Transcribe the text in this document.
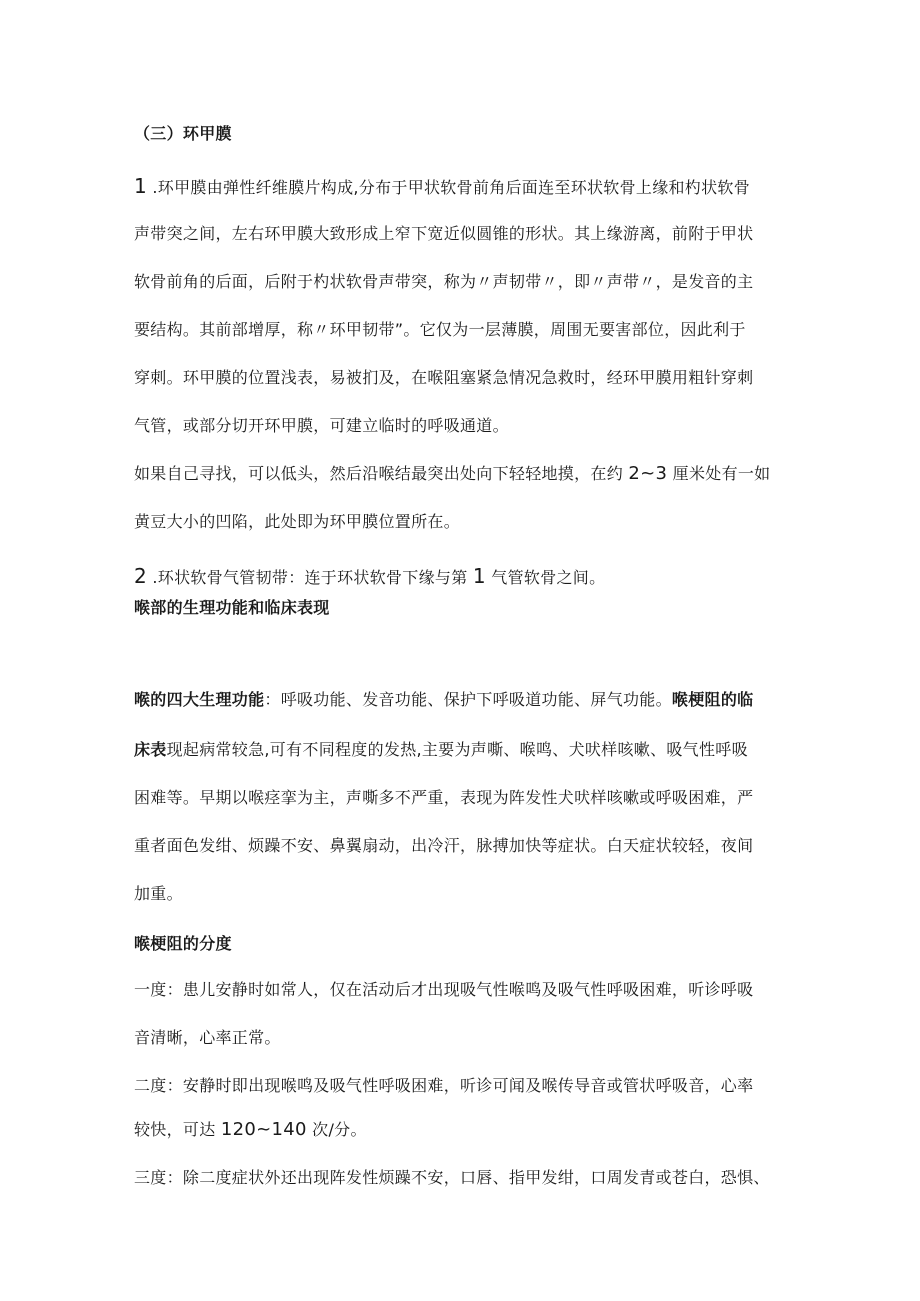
（三）环甲膜
1 .环甲膜由弹性纤维膜片构成,分布于甲状软骨前角后面连至环状软骨上缘和杓状软骨
声带突之间，左右环甲膜大致形成上窄下宽近似圆锥的形状。其上缘游离，前附于甲状
软骨前角的后面，后附于杓状软骨声带突，称为〃声韧带〃，即〃声带〃，是发音的主
要结构。其前部增厚，称〃环甲韧带”。它仅为一层薄膜，周围无要害部位，因此利于
穿刺。环甲膜的位置浅表，易被扪及，在喉阻塞紧急情况急救时，经环甲膜用粗针穿刺
气管，或部分切开环甲膜，可建立临时的呼吸通道。
如果自己寻找，可以低头，然后沿喉结最突出处向下轻轻地摸，在约 2~3 厘米处有一如
黄豆大小的凹陷，此处即为环甲膜位置所在。
2 .环状软骨气管韧带：连于环状软骨下缘与第 1 气管软骨之间。
喉部的生理功能和临床表现
喉的四大生理功能：呼吸功能、发音功能、保护下呼吸道功能、屏气功能。喉梗阻的临
床表现起病常较急,可有不同程度的发热,主要为声嘶、喉鸣、犬吠样咳嗽、吸气性呼吸
困难等。早期以喉痉挛为主，声嘶多不严重，表现为阵发性犬吠样咳嗽或呼吸困难，严
重者面色发绀、烦躁不安、鼻翼扇动，出冷汗，脉搏加快等症状。白天症状较轻，夜间
加重。
喉梗阻的分度
一度：患儿安静时如常人，仅在活动后才出现吸气性喉鸣及吸气性呼吸困难，听诊呼吸
音清晰，心率正常。
二度：安静时即出现喉鸣及吸气性呼吸困难，听诊可闻及喉传导音或管状呼吸音，心率
较快，可达 120~140 次/分。
三度：除二度症状外还出现阵发性烦躁不安，口唇、指甲发绀，口周发青或苍白，恐惧、
